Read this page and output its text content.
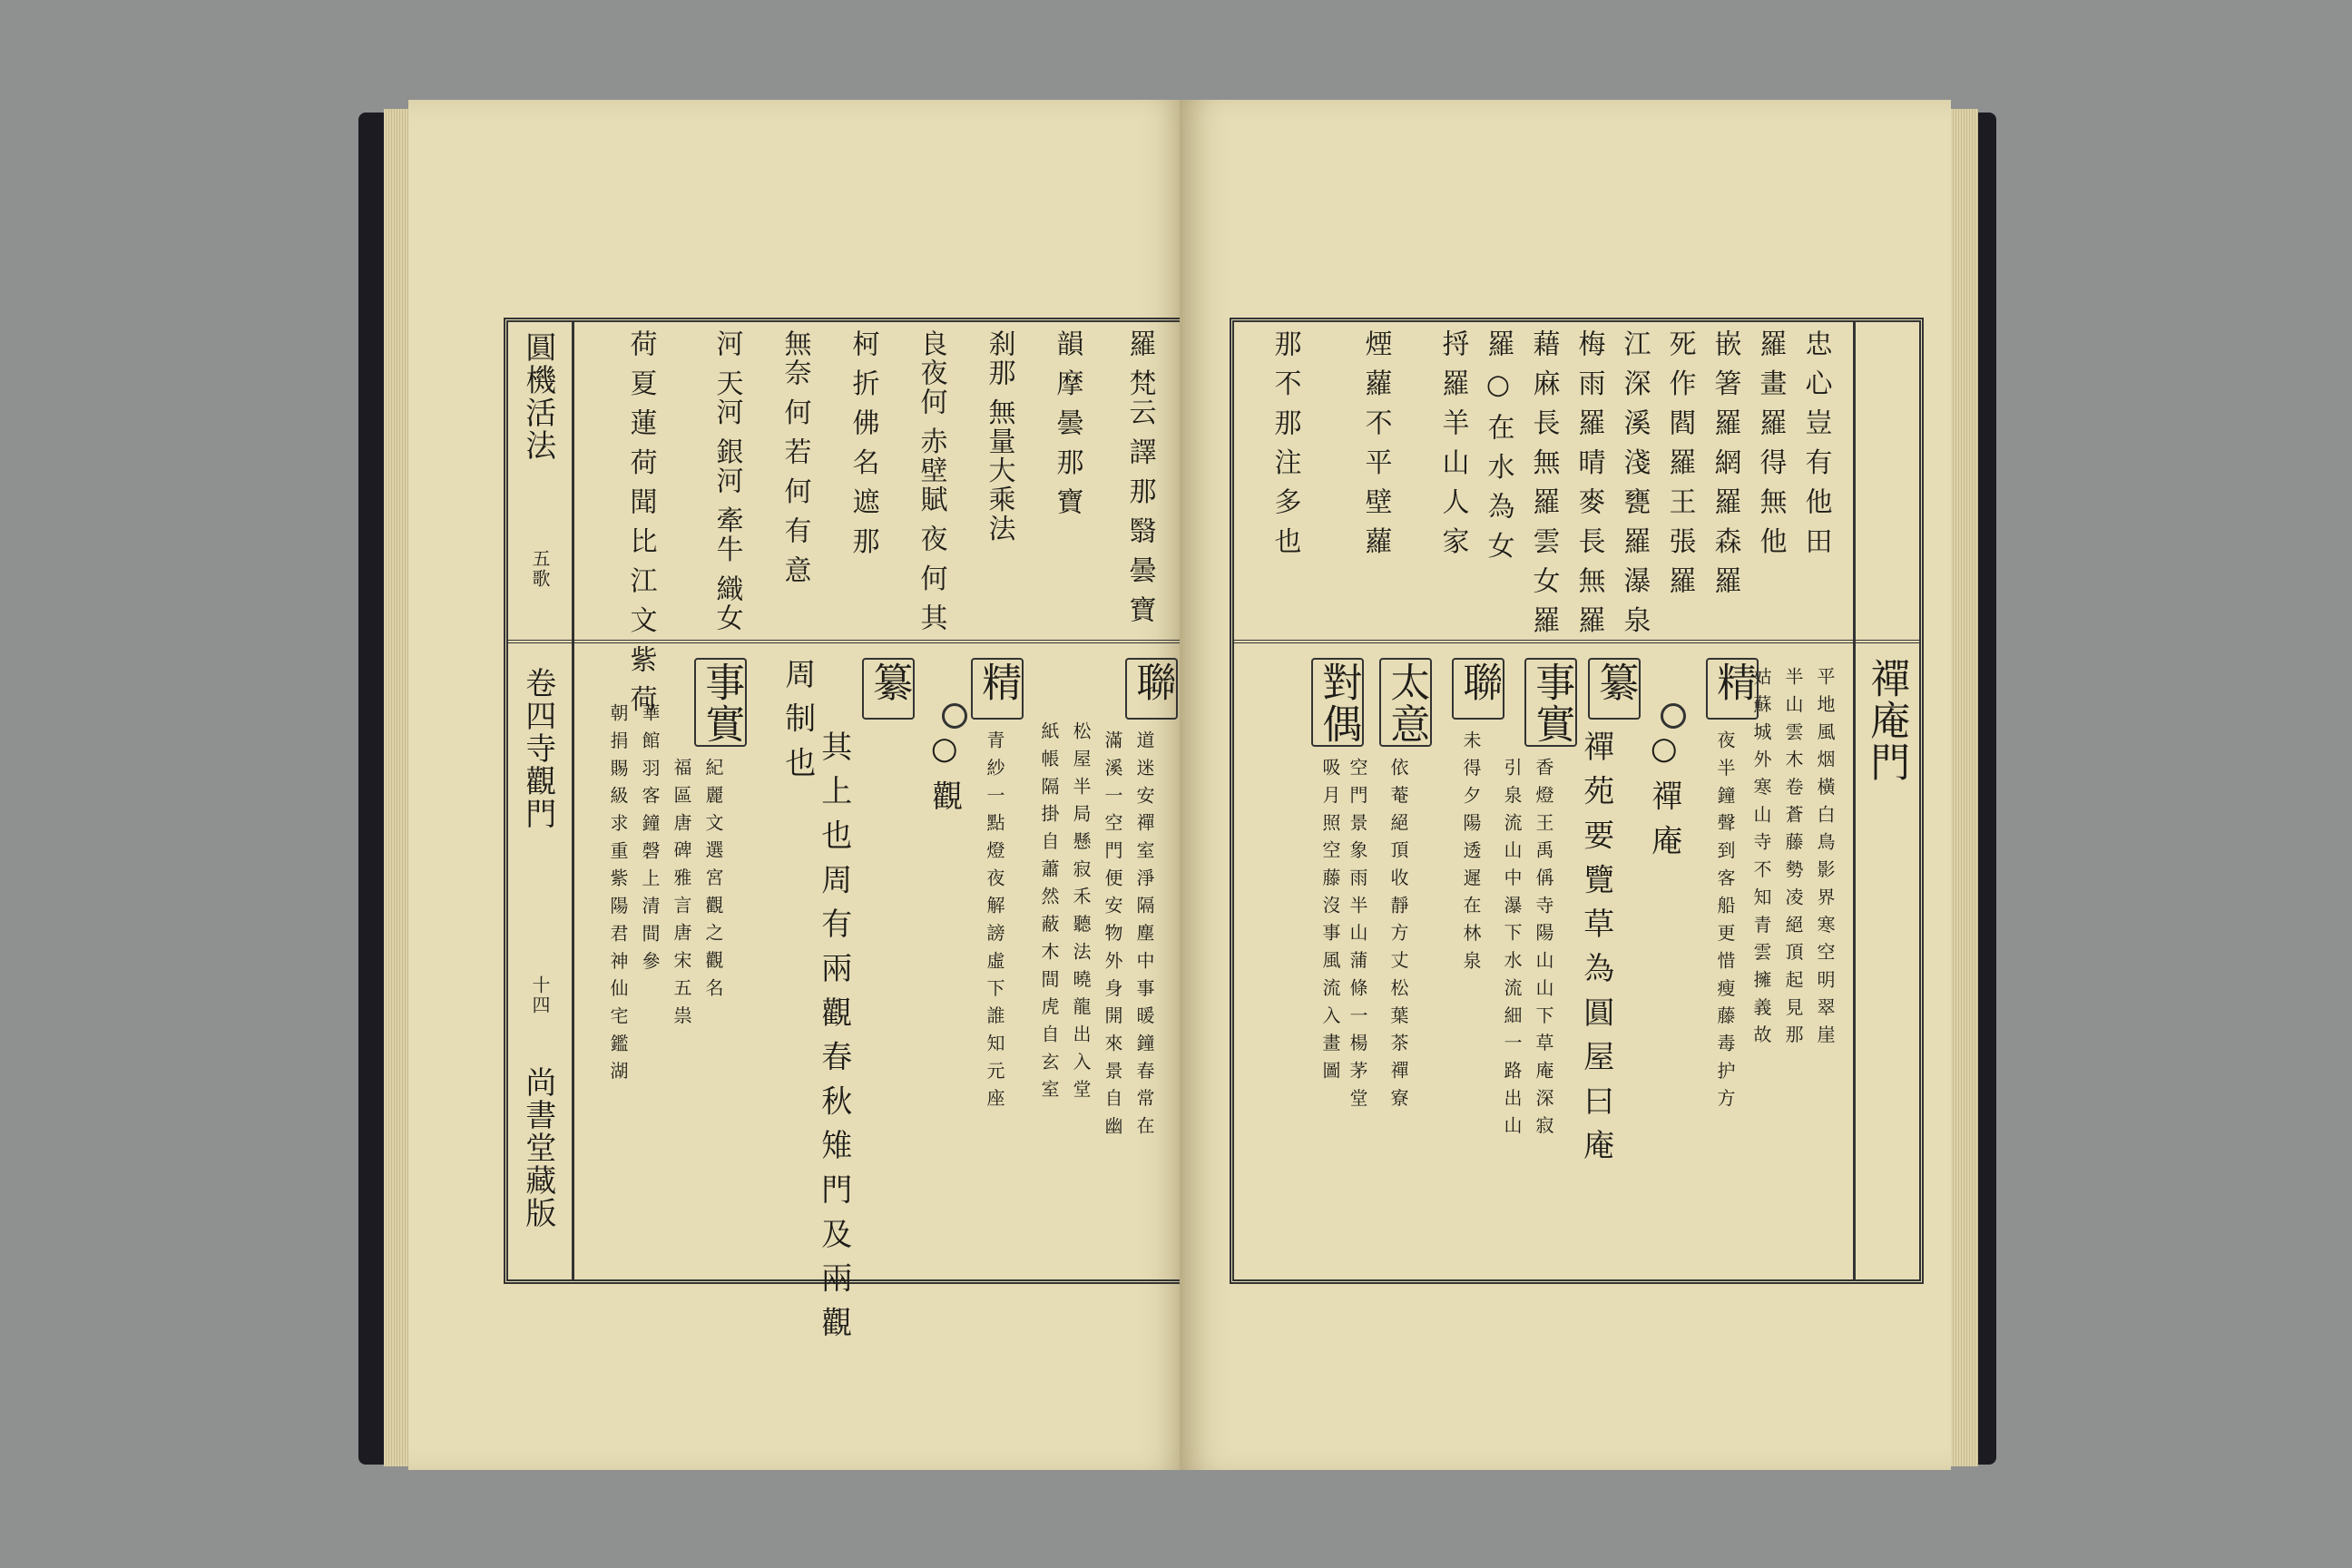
圓機活法
五歌
卷四寺觀門
十四
尚書堂藏版
羅 梵云 譯 那 翳 曇 寶
韻 摩 曇 那 寶
刹那 無量大乘法
良夜何 赤壁賦 夜 何 其
柯 折 佛 名 遮 那
無奈 何 若 何 有 意
河 天河 銀河 牽牛 織女
荷 夏 蓮 荷 聞 比 江 文 紫 荷	聯
道 迷 安 禪 室 淨 隔 塵 中 事 暖 鐘 春 常 在
滿 溪 一 空 門 便 安 物 外 身 開 來 景 自 幽
松 屋 半 局 懸 寂 禾 聽 法 曉 龍 出 入 堂
紙 帳 隔 掛 自 蕭 然 蔽 木 間 虎 自 玄 室
精
青 紗 一 點 燈 夜 解 謗 虛 下 誰 知 元 座
○ 觀
纂
其 上 也 周 有 兩 觀 春 秋 雉 門 及 兩 觀
周 制 也
事實
紀 麗 文 選 宮 觀 之 觀 名
福 區 唐 碑 雅 言 唐 宋 五 祟
華 館 羽 客 鐘 磬 上 清 間 參
朝 捐 賜 級 求 重 紫 陽 君 神 仙 宅 鑑 湖	禪庵門
忠 心 豈 有 他 田
羅 畫 羅 得 無 他
嵌 箸 羅 網 羅 森 羅
死 作 閻 羅 王 張 羅
江 深 溪 淺 甕 羅 瀑 泉
梅 雨 羅 晴 麥 長 無 羅
藉 麻 長 無 羅 雲 女 羅
羅 ○ 在 水 為 女
捋 羅 羊 山 人 家
煙 蘿 不 平 壁 蘿
那 不 那 注 多 也
平 地 風 烟 橫 白 鳥 影 界 寒 空 明 翠 崖
半 山 雲 木 卷 蒼 藤 勢 凌 絕 頂 起 見 那
姑 蘇 城 外 寒 山 寺 不 知 青 雲 擁 義 故
精
夜 半 鐘 聲 到 客 船 更 惜 瘦 藤 毒 护 方
○ 禪 庵
纂
禪 苑 要 覽 草 為 圓 屋 曰 庵
事實
香 燈 王 禹 偁 寺 陽 山 山 下 草 庵 深 寂
引 泉 流 山 中 瀑 下 水 流 細 一 路 出 山
聯
未 得 夕 陽 透 遲 在 林 泉
太意
依 菴 絕 頂 收 靜 方 丈 松 葉 茶 禪 寮
對偶
空 門 景 象 雨 半 山 蒲 條 一 楊 茅 堂
吸 月 照 空 藤 沒 事 風 流 入 畫 圖
